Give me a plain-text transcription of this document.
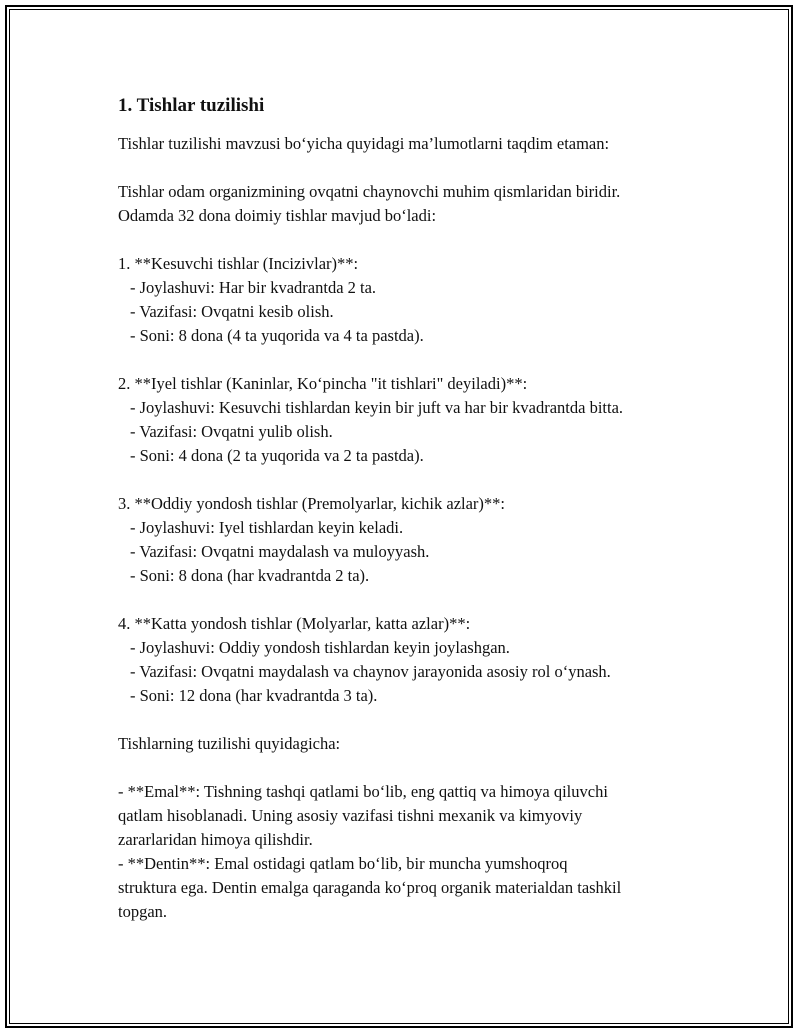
1. Tishlar tuzilishi
Tishlar tuzilishi mavzusi bo‘yicha quyidagi ma’lumotlarni taqdim etaman:
Tishlar odam organizmining ovqatni chaynovchi muhim qismlaridan biridir.
Odamda 32 dona doimiy tishlar mavjud bo‘ladi:
1. **Kesuvchi tishlar (Incizivlar)**:
- Joylashuvi: Har bir kvadrantda 2 ta.
- Vazifasi: Ovqatni kesib olish.
- Soni: 8 dona (4 ta yuqorida va 4 ta pastda).
2. **Iyel tishlar (Kaninlar, Ko‘pincha "it tishlari" deyiladi)**:
- Joylashuvi: Kesuvchi tishlardan keyin bir juft va har bir kvadrantda bitta.
- Vazifasi: Ovqatni yulib olish.
- Soni: 4 dona (2 ta yuqorida va 2 ta pastda).
3. **Oddiy yondosh tishlar (Premolyarlar, kichik azlar)**:
- Joylashuvi: Iyel tishlardan keyin keladi.
- Vazifasi: Ovqatni maydalash va muloyyash.
- Soni: 8 dona (har kvadrantda 2 ta).
4. **Katta yondosh tishlar (Molyarlar, katta azlar)**:
- Joylashuvi: Oddiy yondosh tishlardan keyin joylashgan.
- Vazifasi: Ovqatni maydalash va chaynov jarayonida asosiy rol o‘ynash.
- Soni: 12 dona (har kvadrantda 3 ta).
Tishlarning tuzilishi quyidagicha:
- **Emal**: Tishning tashqi qatlami bo‘lib, eng qattiq va himoya qiluvchi
qatlam hisoblanadi. Uning asosiy vazifasi tishni mexanik va kimyoviy
zararlaridan himoya qilishdir.
- **Dentin**: Emal ostidagi qatlam bo‘lib, bir muncha yumshoqroq
struktura ega. Dentin emalga qaraganda ko‘proq organik materialdan tashkil
topgan.
